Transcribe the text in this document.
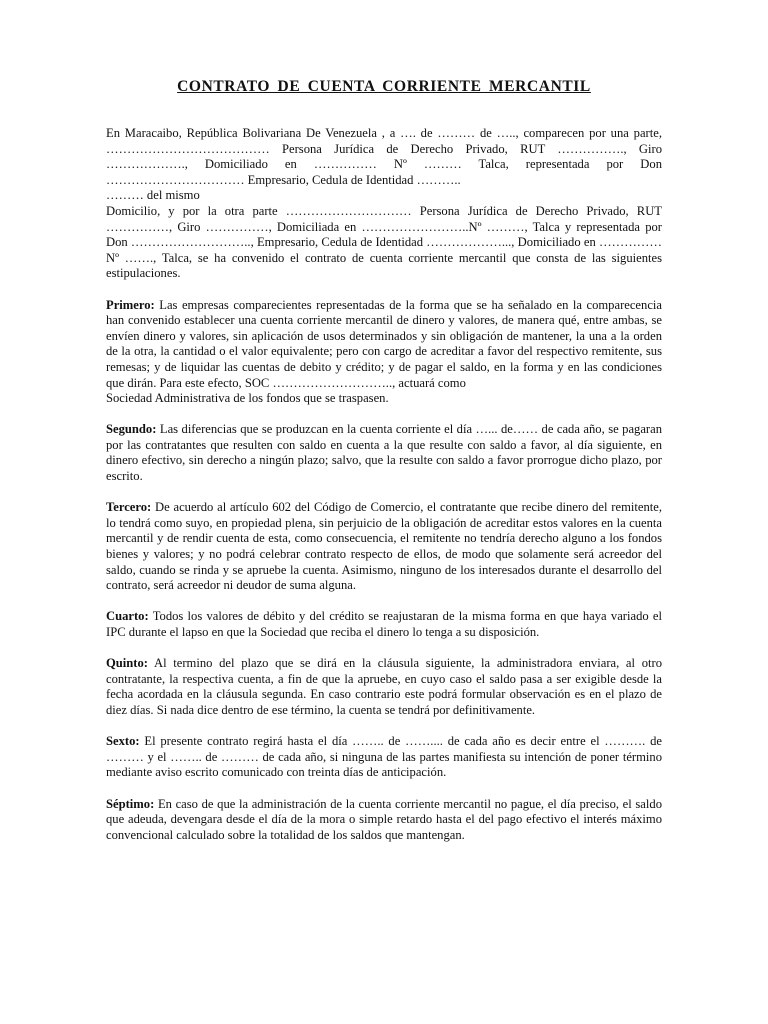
CONTRATO DE CUENTA CORRIENTE MERCANTIL
En Maracaibo, República Bolivariana De Venezuela , a …. de ……… de ….., comparecen por una parte, ………………………………… Persona Jurídica de Derecho Privado, RUT ……………., Giro ………………., Domiciliado en …………… Nº ……… Talca, representada por Don …………………………… Empresario, Cedula de Identidad ………..
……… del mismo
Domicilio, y por la otra parte ………………………… Persona Jurídica de Derecho Privado, RUT ……………, Giro ……………, Domiciliada en ……………………..Nº ………, Talca y representada por Don ……………………….., Empresario, Cedula de Identidad ………………..., Domiciliado en …………… Nº ……., Talca, se ha convenido el contrato de cuenta corriente mercantil que consta de las siguientes estipulaciones.
Primero: Las empresas comparecientes representadas de la forma que se ha señalado en la comparecencia han convenido establecer una cuenta corriente mercantil de dinero y valores, de manera qué, entre ambas, se envíen dinero y valores, sin aplicación de usos determinados y sin obligación de mantener, la una a la orden de la otra, la cantidad o el valor equivalente; pero con cargo de acreditar a favor del respectivo remitente, sus remesas; y de liquidar las cuentas de debito y crédito; y de pagar el saldo, en la forma y en las condiciones que dirán. Para este efecto, SOC ……………………….., actuará como
Sociedad Administrativa de los fondos que se traspasen.
Segundo: Las diferencias que se produzcan en la cuenta corriente el día …... de…… de cada año, se pagaran por las contratantes que resulten con saldo en cuenta a la que resulte con saldo a favor, al día siguiente, en dinero efectivo, sin derecho a ningún plazo; salvo, que la resulte con saldo a favor prorrogue dicho plazo, por escrito.
Tercero: De acuerdo al artículo 602 del Código de Comercio, el contratante que recibe dinero del remitente, lo tendrá como suyo, en propiedad plena, sin perjuicio de la obligación de acreditar estos valores en la cuenta mercantil y de rendir cuenta de esta, como consecuencia, el remitente no tendría derecho alguno a los fondos bienes y valores; y no podrá celebrar contrato respecto de ellos, de modo que solamente será acreedor del saldo, cuando se rinda y se apruebe la cuenta. Asimismo, ninguno de los interesados durante el desarrollo del contrato, será acreedor ni deudor de suma alguna.
Cuarto: Todos los valores de débito y del crédito se reajustaran de la misma forma en que haya variado el IPC durante el lapso en que la Sociedad que reciba el dinero lo tenga a su disposición.
Quinto: Al termino del plazo que se dirá en la cláusula siguiente, la administradora enviara, al otro contratante, la respectiva cuenta, a fin de que la apruebe, en cuyo caso el saldo pasa a ser exigible desde la fecha acordada en la cláusula segunda. En caso contrario este podrá formular observación es en el plazo de diez días. Si nada dice dentro de ese término, la cuenta se tendrá por definitivamente.
Sexto: El presente contrato regirá hasta el día …….. de …….... de cada año es decir entre el ………. de ……… y el …….. de ……… de cada año, si ninguna de las partes manifiesta su intención de poner término mediante aviso escrito comunicado con treinta días de anticipación.
Séptimo: En caso de que la administración de la cuenta corriente mercantil no pague, el día preciso, el saldo que adeuda, devengara desde el día de la mora o simple retardo hasta el del pago efectivo el interés máximo convencional calculado sobre la totalidad de los saldos que mantengan.
